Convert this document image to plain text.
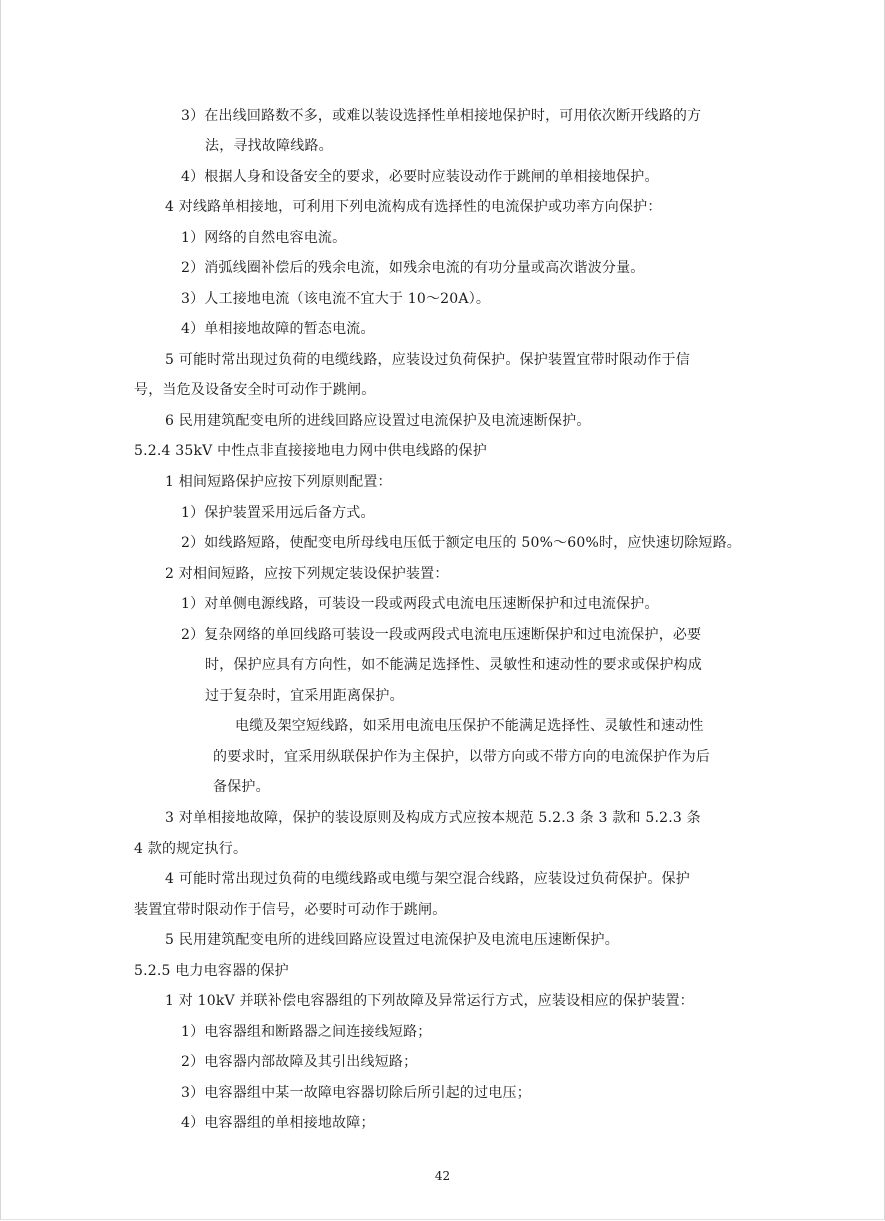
3）在出线回路数不多，或难以装设选择性单相接地保护时，可用依次断开线路的方
法，寻找故障线路。
4）根据人身和设备安全的要求，必要时应装设动作于跳闸的单相接地保护。
4 对线路单相接地，可利用下列电流构成有选择性的电流保护或功率方向保护：
1）网络的自然电容电流。
2）消弧线圈补偿后的残余电流，如残余电流的有功分量或高次谐波分量。
3）人工接地电流（该电流不宜大于 10～20A）。
4）单相接地故障的暂态电流。
5 可能时常出现过负荷的电缆线路，应装设过负荷保护。保护装置宜带时限动作于信
号，当危及设备安全时可动作于跳闸。
6 民用建筑配变电所的进线回路应设置过电流保护及电流速断保护。
5.2.4 35kV 中性点非直接接地电力网中供电线路的保护
1 相间短路保护应按下列原则配置：
1）保护装置采用远后备方式。
2）如线路短路，使配变电所母线电压低于额定电压的 50%～60%时，应快速切除短路。
2 对相间短路，应按下列规定装设保护装置：
1）对单侧电源线路，可装设一段或两段式电流电压速断保护和过电流保护。
2）复杂网络的单回线路可装设一段或两段式电流电压速断保护和过电流保护，必要
时，保护应具有方向性，如不能满足选择性、灵敏性和速动性的要求或保护构成
过于复杂时，宜采用距离保护。
电缆及架空短线路，如采用电流电压保护不能满足选择性、灵敏性和速动性
的要求时，宜采用纵联保护作为主保护，以带方向或不带方向的电流保护作为后
备保护。
3 对单相接地故障，保护的装设原则及构成方式应按本规范 5.2.3 条 3 款和 5.2.3 条
4 款的规定执行。
4 可能时常出现过负荷的电缆线路或电缆与架空混合线路，应装设过负荷保护。保护
装置宜带时限动作于信号，必要时可动作于跳闸。
5 民用建筑配变电所的进线回路应设置过电流保护及电流电压速断保护。
5.2.5 电力电容器的保护
1 对 10kV 并联补偿电容器组的下列故障及异常运行方式，应装设相应的保护装置：
1）电容器组和断路器之间连接线短路；
2）电容器内部故障及其引出线短路；
3）电容器组中某一故障电容器切除后所引起的过电压；
4）电容器组的单相接地故障；
42
